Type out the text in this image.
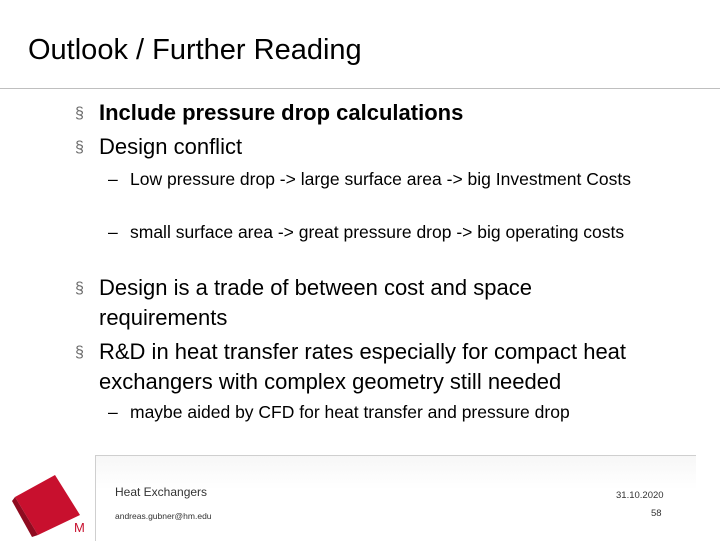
Outlook / Further Reading
§ Include pressure drop calculations
§ Design conflict
– Low pressure drop -> large surface area -> big Investment Costs
– small surface area -> great pressure drop -> big operating costs
§ Design is a trade of between cost and space requirements
§ R&D in heat transfer rates especially for compact heat exchangers with complex geometry still needed
– maybe aided by CFD for heat transfer and pressure drop
M
Heat Exchangers
andreas.gubner@hm.edu
31.10.2020
58
